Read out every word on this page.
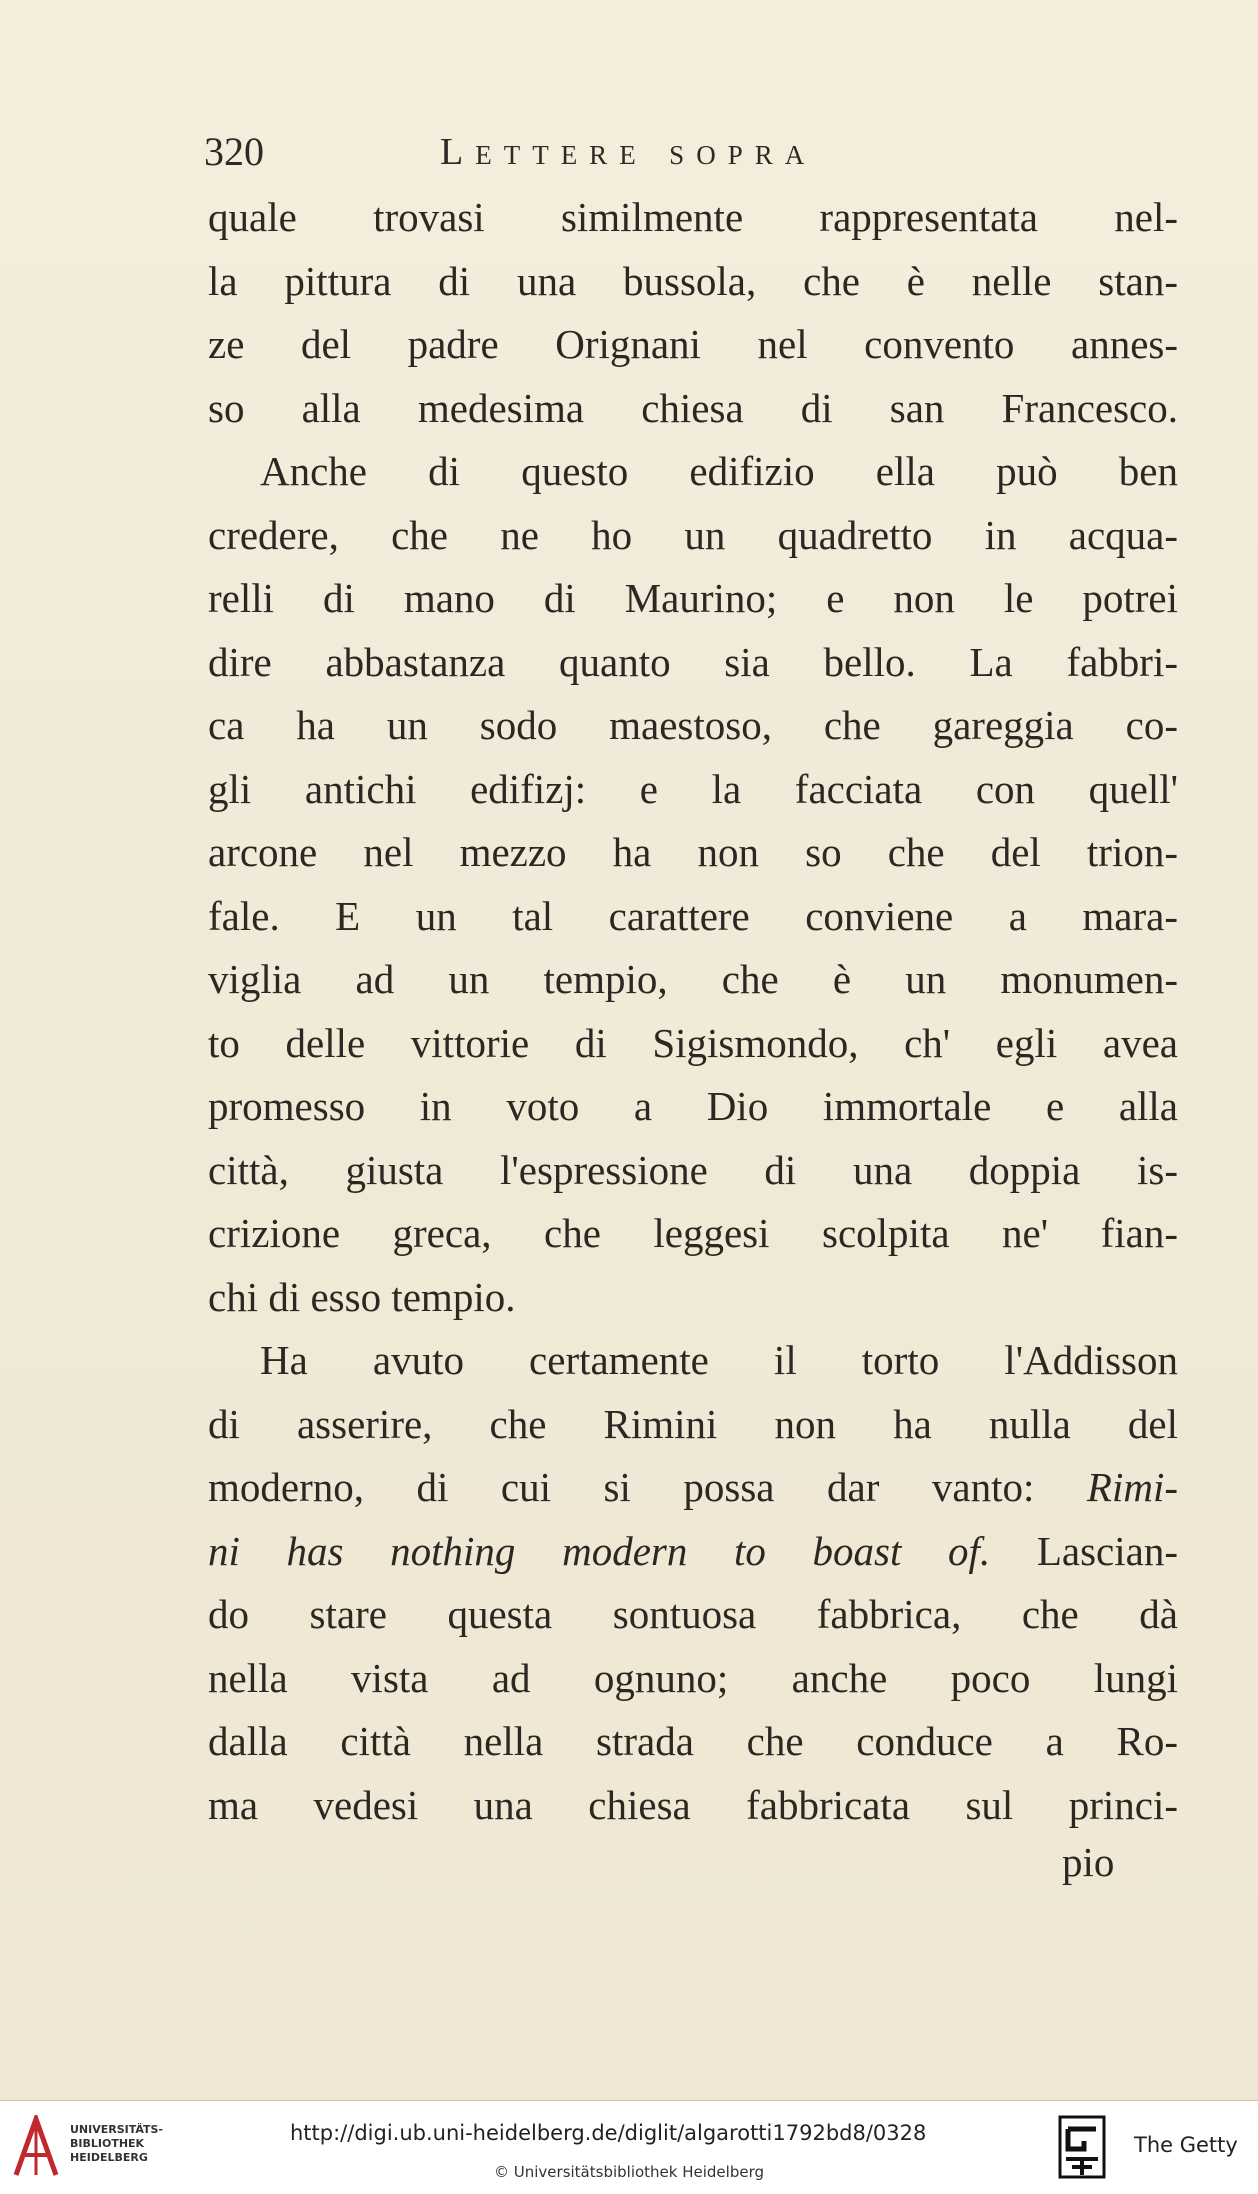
320	Lettere sopra
quale trovasi similmente rappresentata nel-
la pittura di una bussola, che è nelle stan-
ze del padre Orignani nel convento annes-
so alla medesima chiesa di san Francesco.
Anche di questo edifizio ella può ben
credere, che ne ho un quadretto in acqua-
relli di mano di Maurino; e non le potrei
dire abbastanza quanto sia bello. La fabbri-
ca ha un sodo maestoso, che gareggia co-
gli antichi edifizj: e la facciata con quell'
arcone nel mezzo ha non so che del trion-
fale. E un tal carattere conviene a mara-
viglia ad un tempio, che è un monumen-
to delle vittorie di Sigismondo, ch' egli avea
promesso in voto a Dio immortale e alla
città, giusta l'espressione di una doppia is-
crizione greca, che leggesi scolpita ne' fian-
chi di esso tempio.
Ha avuto certamente il torto l'Addisson
di asserire, che Rimini non ha nulla del
moderno, di cui si possa dar vanto: Rimi-
ni has nothing modern to boast of. Lascian-
do stare questa sontuosa fabbrica, che dà
nella vista ad ognuno; anche poco lungi
dalla città nella strada che conduce a Ro-
ma vedesi una chiesa fabbricata sul princi-
pio
UNIVERSITÄTS-
BIBLIOTHEK
HEIDELBERG
http://digi.ub.uni-heidelberg.de/diglit/algarotti1792bd8/0328
© Universitätsbibliothek Heidelberg
The Getty
